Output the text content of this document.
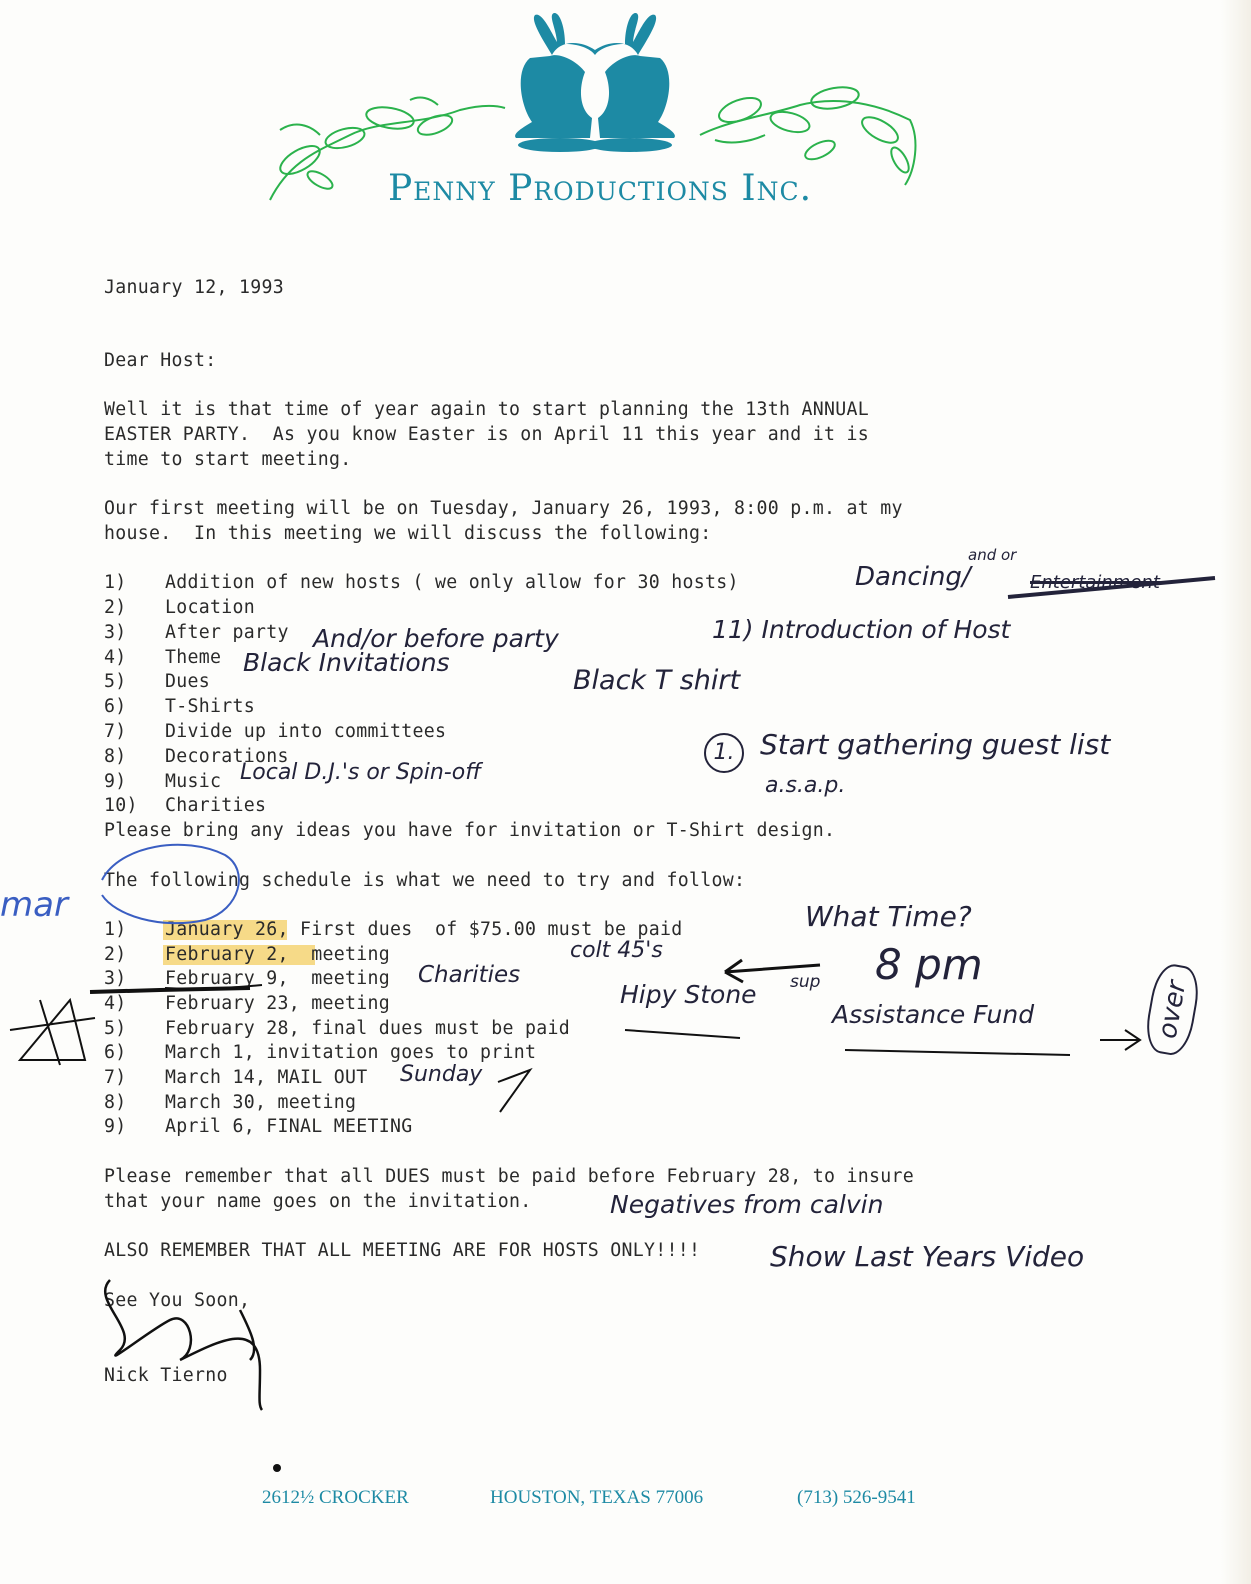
Penny Productions Inc.
January 12, 1993
Dear Host:
Well it is that time of year again to start planning the 13th ANNUAL
EASTER PARTY.  As you know Easter is on April 11 this year and it is
time to start meeting.
Our first meeting will be on Tuesday, January 26, 1993, 8:00 p.m. at my
house.  In this meeting we will discuss the following:
1) Addition of new hosts ( we only allow for 30 hosts)
2) Location
3) After party
4) Theme
5) Dues
6) T-Shirts
7) Divide up into committees
8) Decorations
9) Music
10) Charities
Please bring any ideas you have for invitation or T-Shirt design.
The following schedule is what we need to try and follow:
1) January 26, First dues  of $75.00 must be paid
2) February 2,  meeting
3) February 9,  meeting
4) February 23, meeting
5) February 28, final dues must be paid
6) March 1, invitation goes to print
7) March 14, MAIL OUT
8) March 30, meeting
9) April 6, FINAL MEETING
Please remember that all DUES must be paid before February 28, to insure
that your name goes on the invitation.
ALSO REMEMBER THAT ALL MEETING ARE FOR HOSTS ONLY!!!!
See You Soon,
Nick Tierno
Dancing/
and or
Entertainment
And/or before party	11) Introduction of Host
Black Invitations
Black T shirt
1. Start gathering guest list
a.s.a.p.
Local D.J.'s or Spin-off
mar	What Time?
colt 45's
Charities
Hipy Stone sup 8 pm
Assistance Fund	over
Sunday
Negatives from calvin
Show Last Years Video
2612½ CROCKER	HOUSTON, TEXAS 77006	(713) 526-9541
